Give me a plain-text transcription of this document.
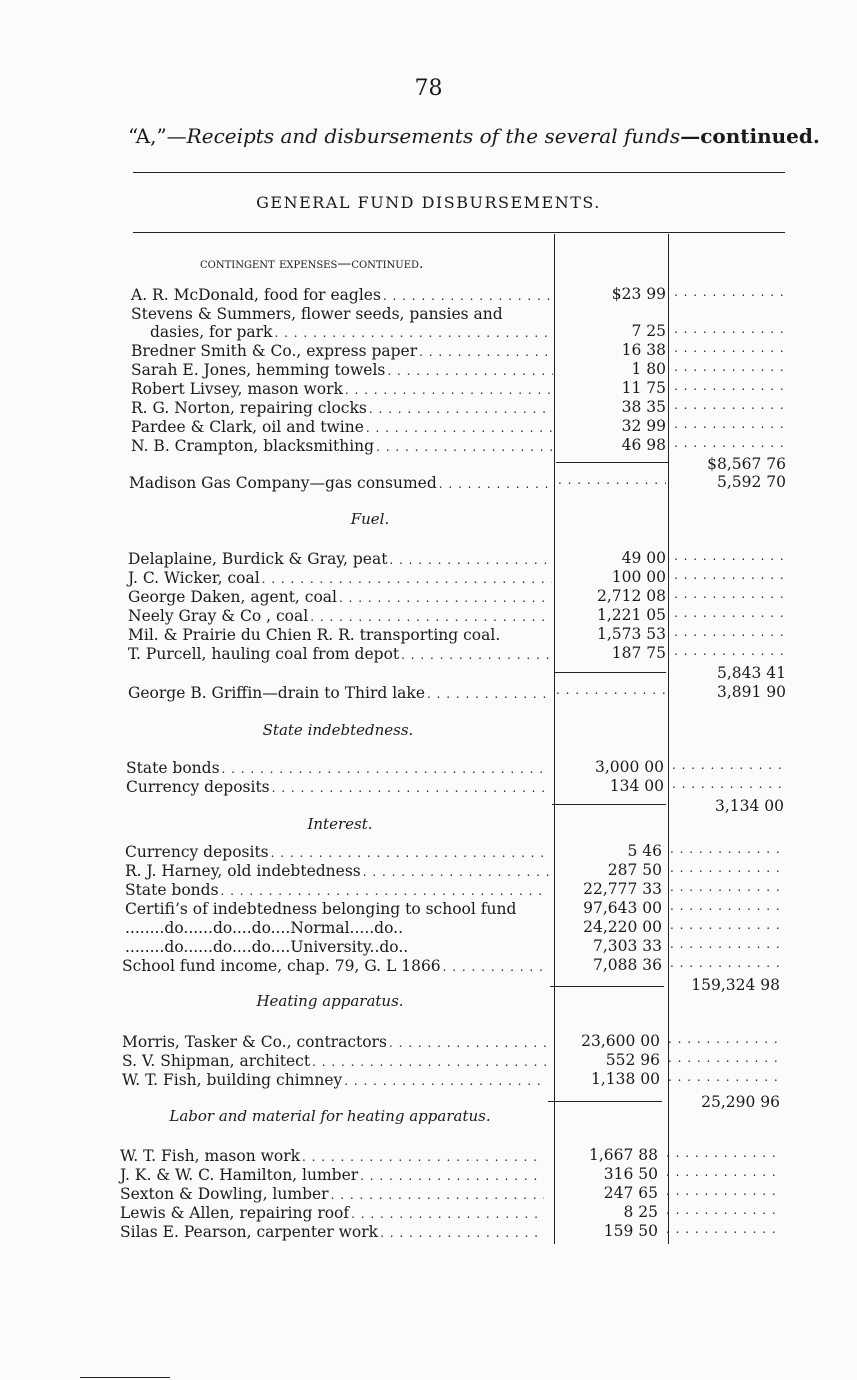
78
“A,”—Receipts and disbursements of the several funds—continued.
GENERAL FUND DISBURSEMENTS.
contingent expenses—continued.
A. R. McDonald, food for eagles . . .	$23 99
. . .
Stevens & Summers, flower seeds, pansies and
dasies, for park . . .	7 25
. . .
Bredner Smith & Co., express paper . . .	16 38
. . .
Sarah E. Jones, hemming towels . . .	1 80
. . .
Robert Livsey, mason work . . .	11 75
. . .
R. G. Norton, repairing clocks . . .	38 35
. . .
Pardee & Clark, oil and twine . . .	32 99
. . .
N. B. Crampton, blacksmithing . . .	46 98
. . .
$8,567 76
Madison Gas Company—gas consumed . . . . . .	5,592 70
Fuel.
Delaplaine, Burdick & Gray, peat . . .	49 00
. . .
J. C. Wicker, coal . . .	100 00
. . .
George Daken, agent, coal . . .	2,712 08
. . .
Neely Gray & Co , coal . . .	1,221 05
. . .
Mil. & Prairie du Chien R. R. transporting coal.	1,573 53
. . .
T. Purcell, hauling coal from depot . . .	187 75
. . .
5,843 41
George B. Griffin—drain to Third lake . . . . . .	3,891 90
State indebtedness.
State bonds . . .	3,000 00
. . .
Currency deposits . . .	134 00
. . .
3,134 00
Interest.
Currency deposits . . .	5 46
. . .
R. J. Harney, old indebtedness . . .	287 50
. . .
State bonds . . .	22,777 33
. . .
Certifi’s of indebtedness belonging to school fund	97,643 00
. . .
........do......do....do....Normal.....do..	24,220 00
. . .
........do......do....do....University..do..	7,303 33
. . .
School fund income, chap. 79, G. L 1866 . . .	7,088 36
. . .
159,324 98
Heating apparatus.
Morris, Tasker & Co., contractors . . .	23,600 00
. . .
S. V. Shipman, architect . . .	552 96
. . .
W. T. Fish, building chimney . . .	1,138 00
. . .
25,290 96
Labor and material for heating apparatus.
W. T. Fish, mason work . . .	1,667 88
. . .
J. K. & W. C. Hamilton, lumber . . .	316 50
. . .
Sexton & Dowling, lumber . . .	247 65
. . .
Lewis & Allen, repairing roof . . .	8 25
. . .
Silas E. Pearson, carpenter work . . .	159 50
. . .
